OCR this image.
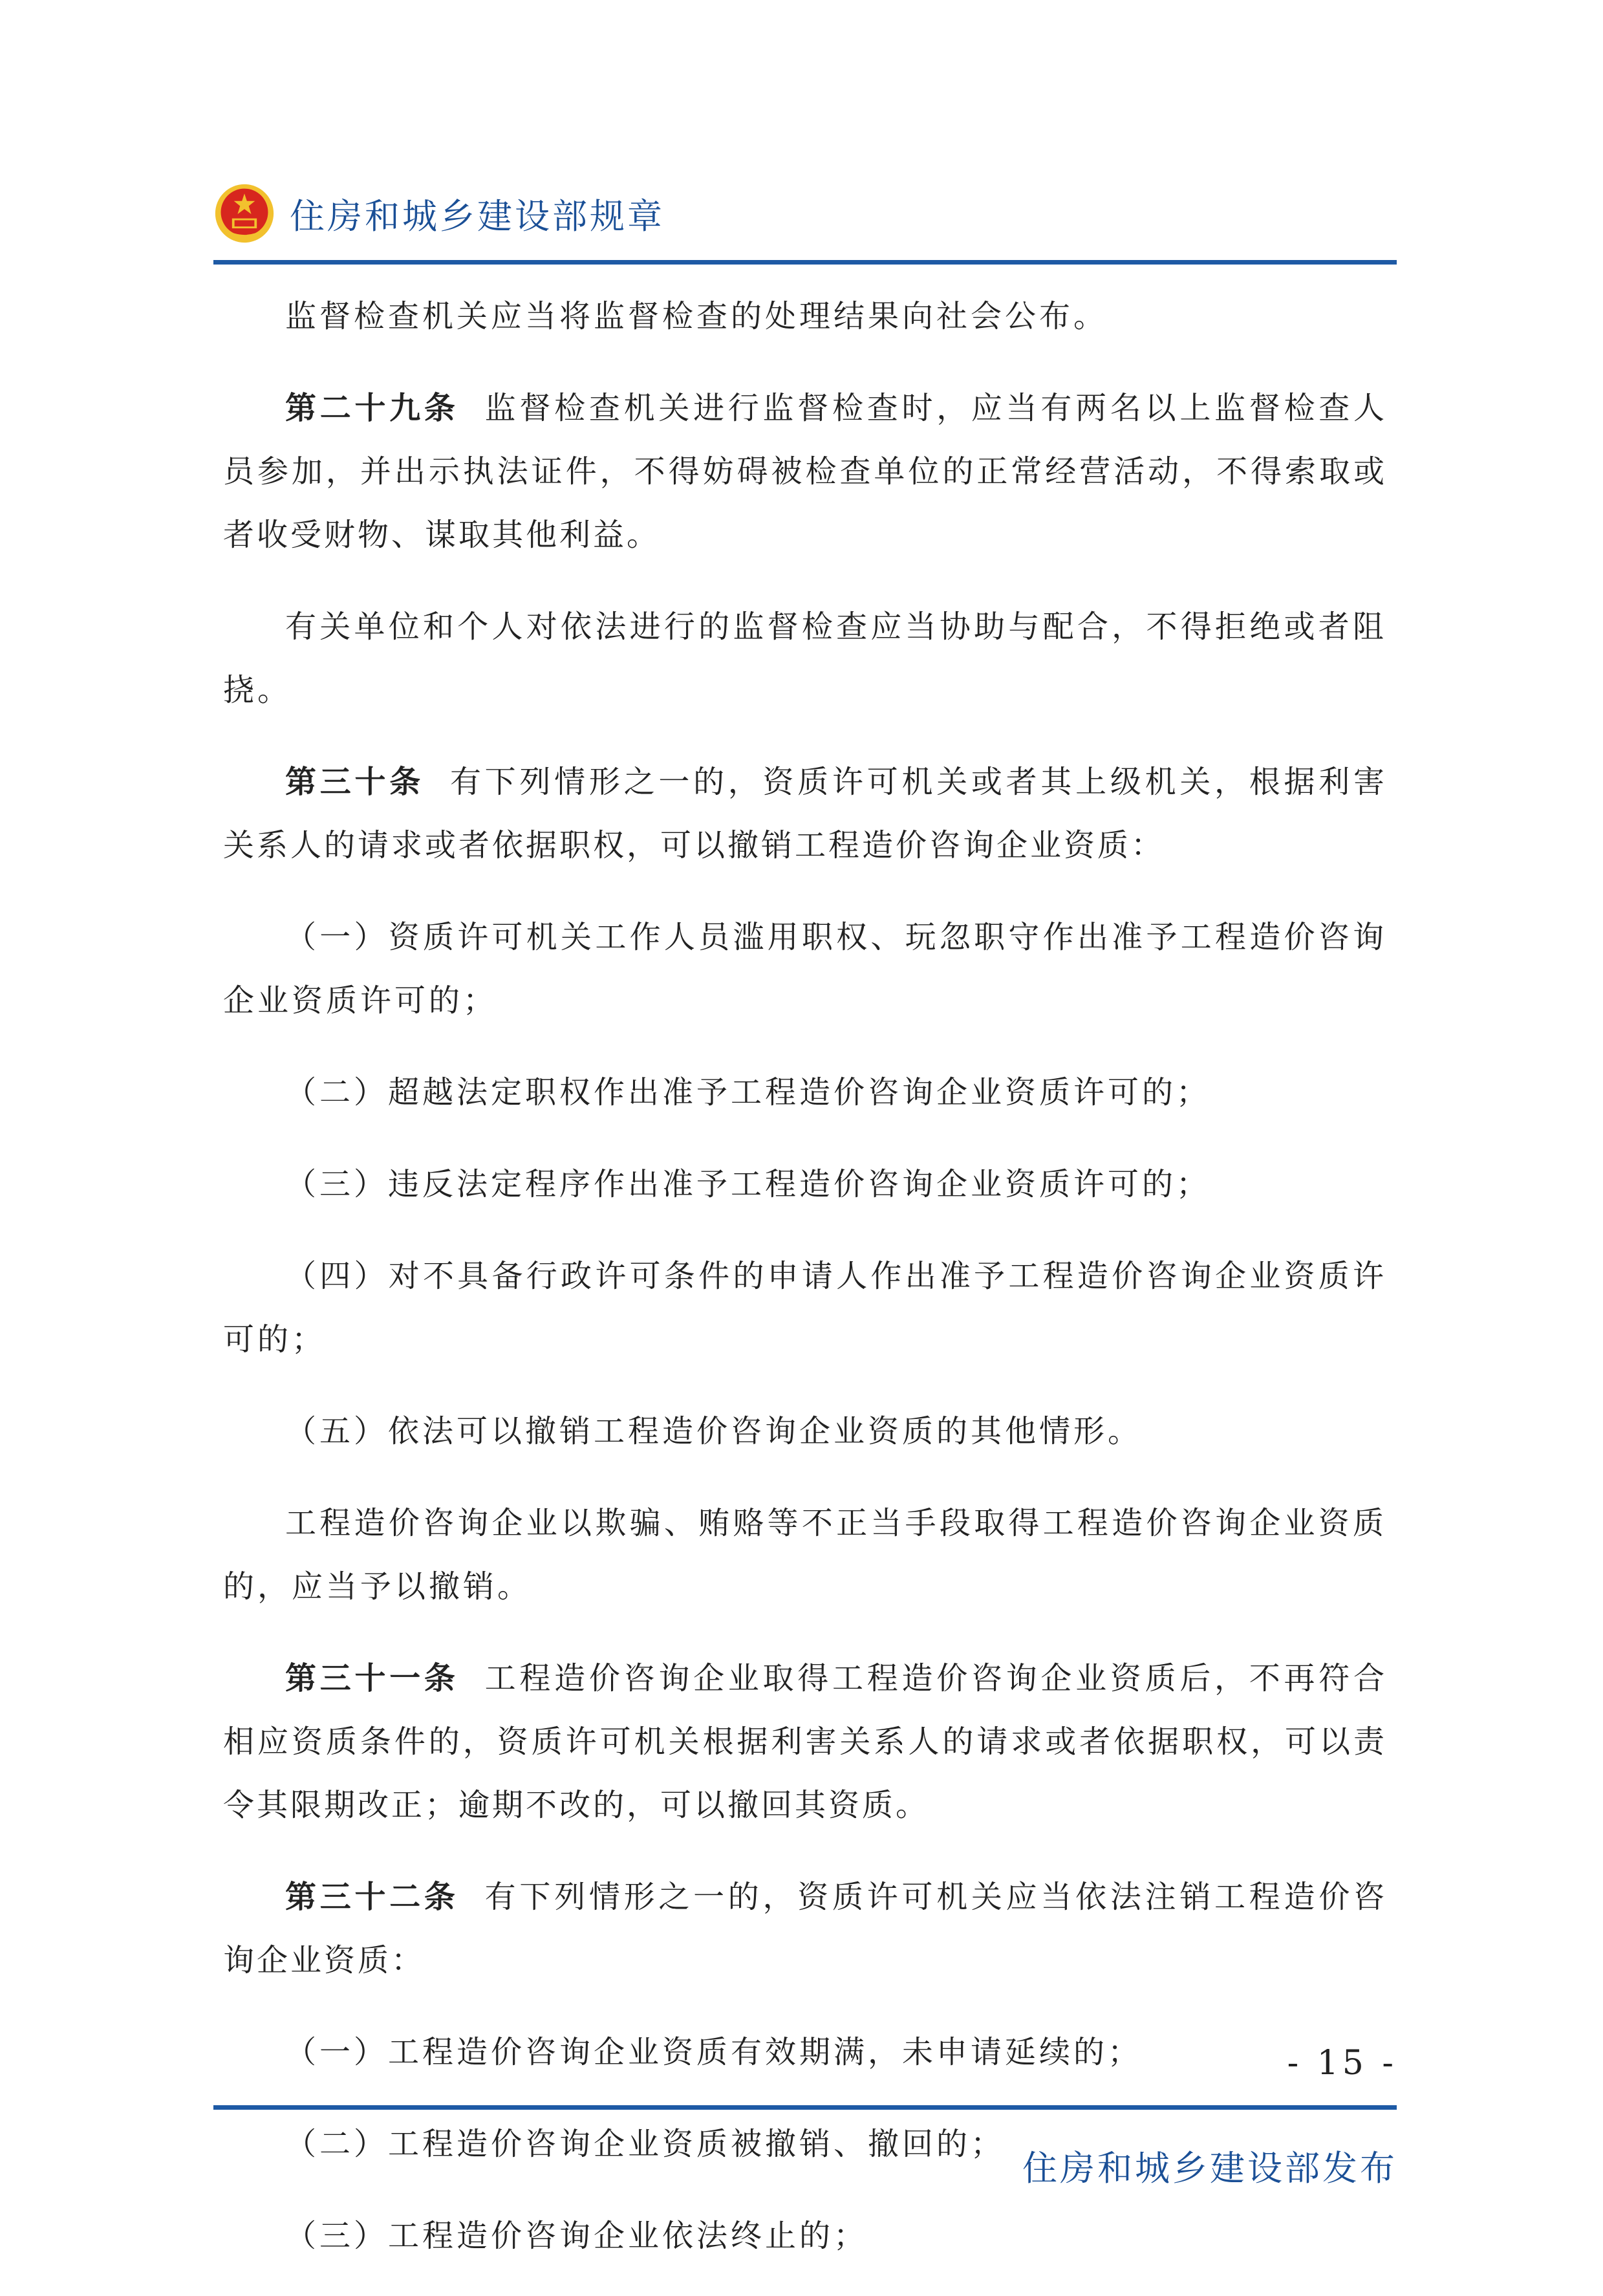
住房和城乡建设部规章

监督检查机关应当将监督检查的处理结果向社会公布。

第二十九条 监督检查机关进行监督检查时，应当有两名以上监督检查人员参加，并出示执法证件，不得妨碍被检查单位的正常经营活动，不得索取或者收受财物、谋取其他利益。

有关单位和个人对依法进行的监督检查应当协助与配合，不得拒绝或者阻挠。

第三十条 有下列情形之一的，资质许可机关或者其上级机关，根据利害关系人的请求或者依据职权，可以撤销工程造价咨询企业资质：

（一）资质许可机关工作人员滥用职权、玩忽职守作出准予工程造价咨询企业资质许可的；

（二）超越法定职权作出准予工程造价咨询企业资质许可的；

（三）违反法定程序作出准予工程造价咨询企业资质许可的；

（四）对不具备行政许可条件的申请人作出准予工程造价咨询企业资质许可的；

（五）依法可以撤销工程造价咨询企业资质的其他情形。

工程造价咨询企业以欺骗、贿赂等不正当手段取得工程造价咨询企业资质的，应当予以撤销。

第三十一条 工程造价咨询企业取得工程造价咨询企业资质后，不再符合相应资质条件的，资质许可机关根据利害关系人的请求或者依据职权，可以责令其限期改正；逾期不改的，可以撤回其资质。

第三十二条 有下列情形之一的，资质许可机关应当依法注销工程造价咨询企业资质：

（一）工程造价咨询企业资质有效期满，未申请延续的；

（二）工程造价咨询企业资质被撤销、撤回的；

（三）工程造价咨询企业依法终止的；

- 15 -
住房和城乡建设部发布
